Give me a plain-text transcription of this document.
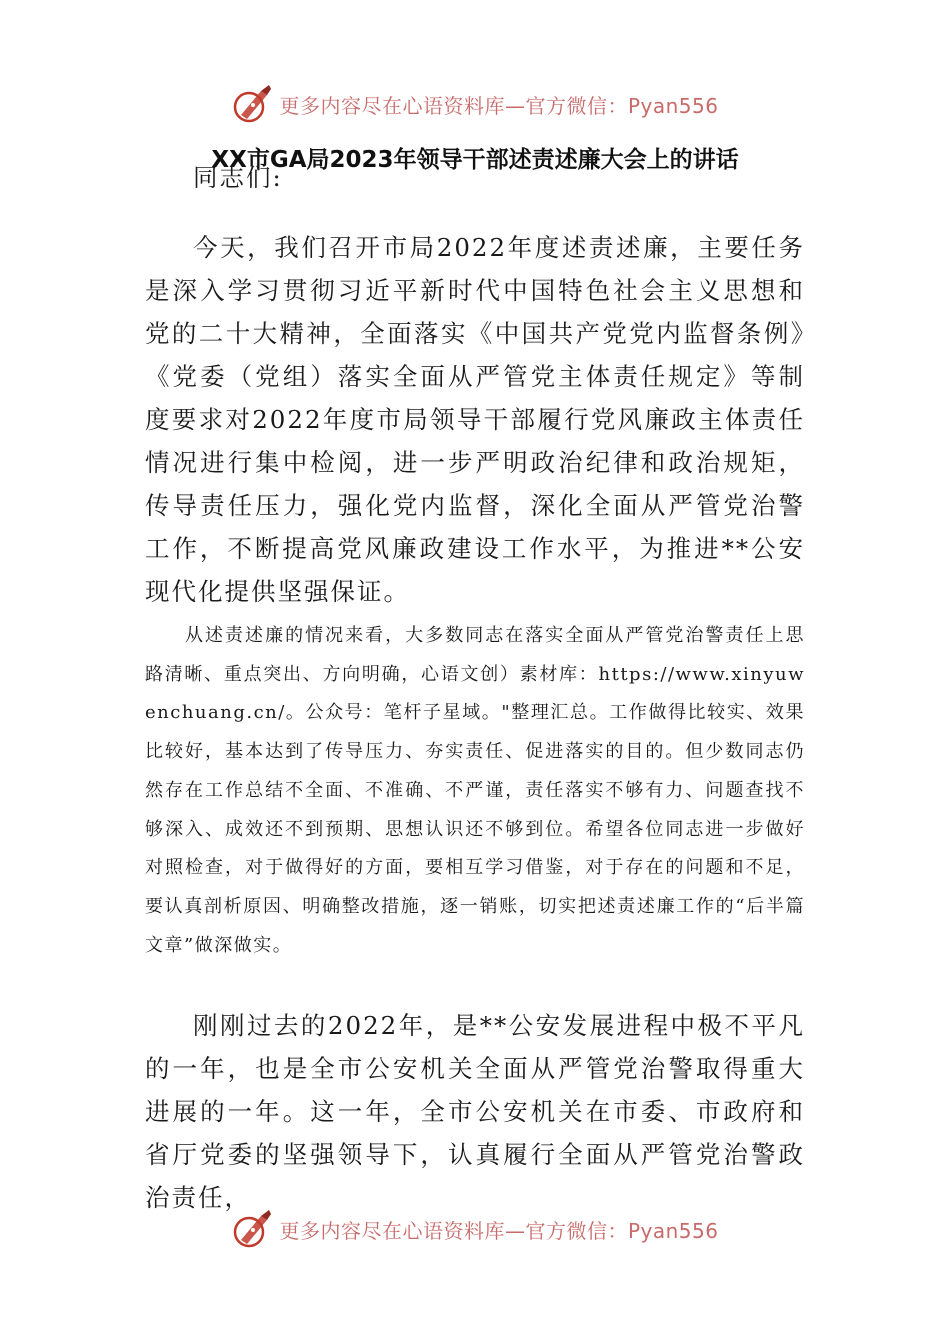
更多内容尽在心语资料库—官方微信：Pyan556
XX市GA局2023年领导干部述责述廉大会上的讲话

同志们:

今天，我们召开市局2022年度述责述廉，主要任务是深入学习贯彻习近平新时代中国特色社会主义思想和党的二十大精神，全面落实《中国共产党党内监督条例》《党委（党组）落实全面从严管党主体责任规定》等制度要求对2022年度市局领导干部履行党风廉政主体责任情况进行集中检阅，进一步严明政治纪律和政治规矩，传导责任压力，强化党内监督，深化全面从严管党治警工作，不断提高党风廉政建设工作水平，为推进**公安现代化提供坚强保证。

从述责述廉的情况来看，大多数同志在落实全面从严管党治警责任上思路清晰、重点突出、方向明确，心语文创）素材库：https://www.xinyuwenchuang.cn/。公众号：笔杆子星域。"整理汇总。工作做得比较实、效果比较好，基本达到了传导压力、夯实责任、促进落实的目的。但少数同志仍然存在工作总结不全面、不准确、不严谨，责任落实不够有力、问题查找不够深入、成效还不到预期、思想认识还不够到位。希望各位同志进一步做好对照检查，对于做得好的方面，要相互学习借鉴，对于存在的问题和不足，要认真剖析原因、明确整改措施，逐一销账，切实把述责述廉工作的“后半篇文章”做深做实。

刚刚过去的2022年，是**公安发展进程中极不平凡的一年，也是全市公安机关全面从严管党治警取得重大进展的一年。这一年，全市公安机关在市委、市政府和省厅党委的坚强领导下，认真履行全面从严管党治警政治责任，

更多内容尽在心语资料库—官方微信：Pyan556
